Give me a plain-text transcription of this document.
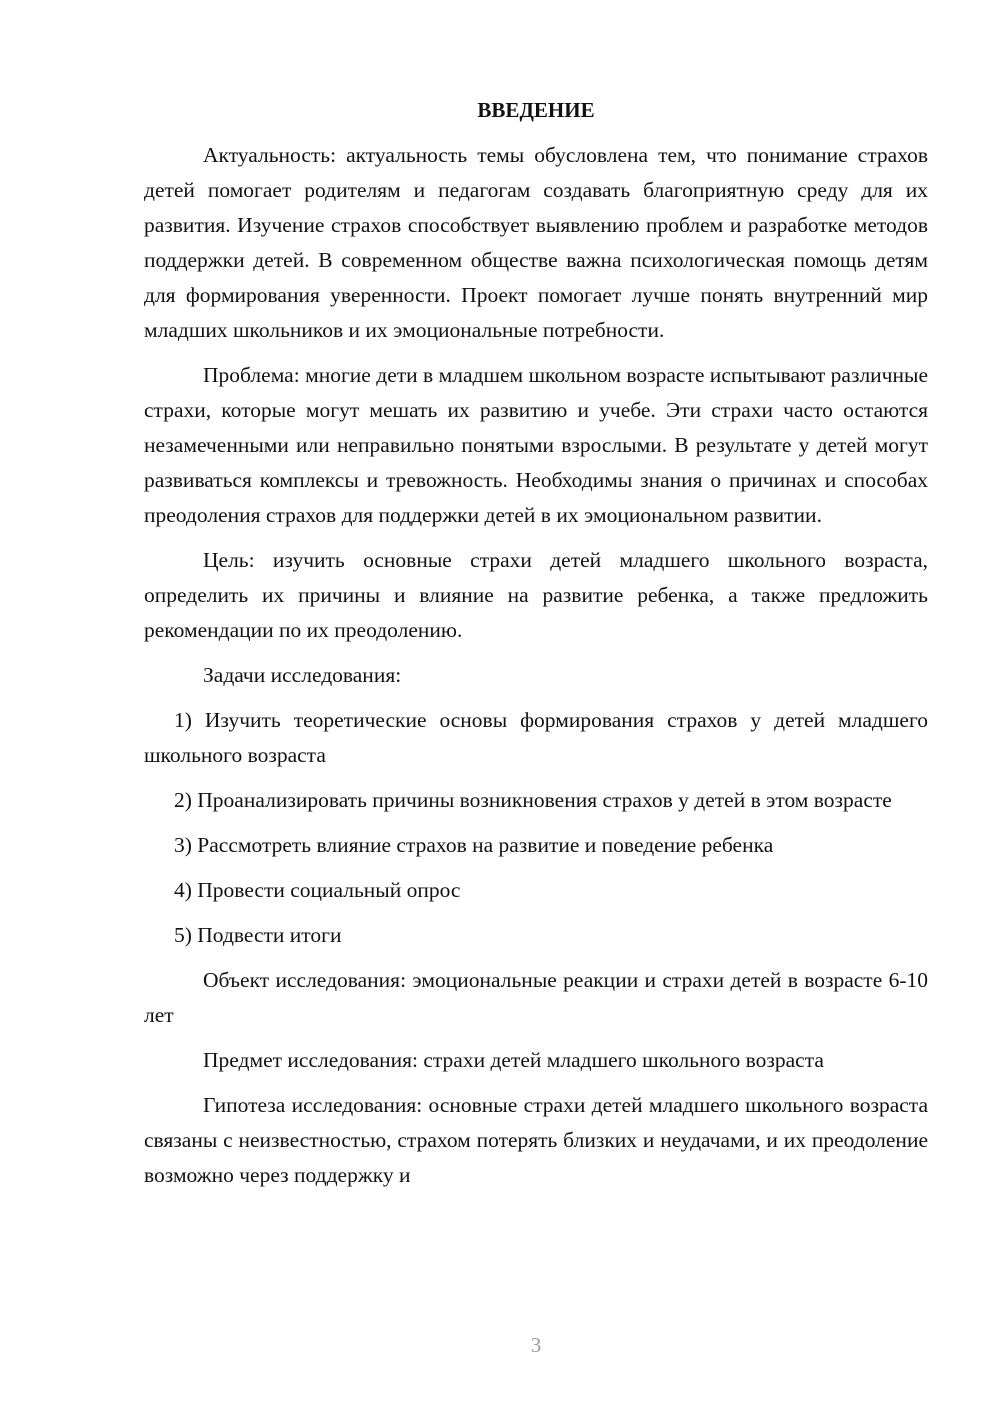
ВВЕДЕНИЕ

Актуальность: актуальность темы обусловлена тем, что понимание страхов детей помогает родителям и педагогам создавать благоприятную среду для их развития. Изучение страхов способствует выявлению проблем и разработке методов поддержки детей. В современном обществе важна психологическая помощь детям для формирования уверенности. Проект помогает лучше понять внутренний мир младших школьников и их эмоциональные потребности.

Проблема: многие дети в младшем школьном возрасте испытывают различные страхи, которые могут мешать их развитию и учебе. Эти страхи часто остаются незамеченными или неправильно понятыми взрослыми. В результате у детей могут развиваться комплексы и тревожность. Необходимы знания о причинах и способах преодоления страхов для поддержки детей в их эмоциональном развитии.

Цель: изучить основные страхи детей младшего школьного возраста, определить их причины и влияние на развитие ребенка, а также предложить рекомендации по их преодолению.

Задачи исследования:

1) Изучить теоретические основы формирования страхов у детей младшего школьного возраста

2) Проанализировать причины возникновения страхов у детей в этом возрасте

3) Рассмотреть влияние страхов на развитие и поведение ребенка

4) Провести социальный опрос

5) Подвести итоги

Объект исследования: эмоциональные реакции и страхи детей в возрасте 6-10 лет

Предмет исследования: страхи детей младшего школьного возраста

Гипотеза исследования: основные страхи детей младшего школьного возраста связаны с неизвестностью, страхом потерять близких и неудачами, и их преодоление возможно через поддержку и

3
